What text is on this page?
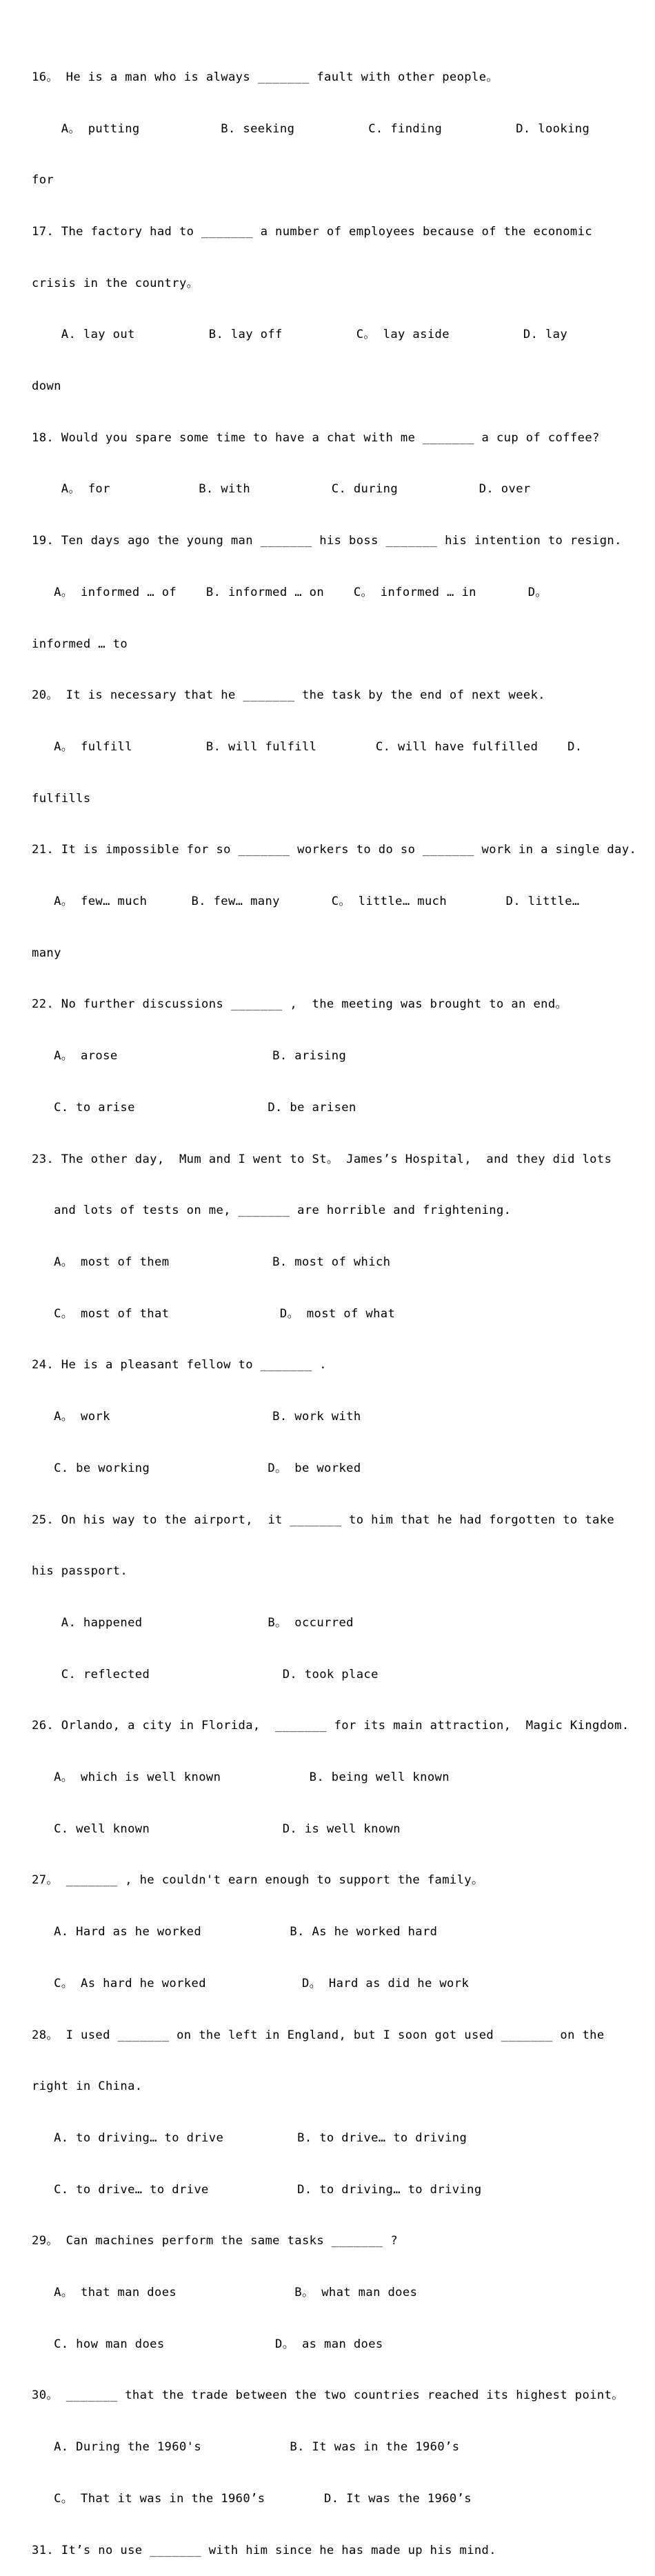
16。 He is a man who is always _______ fault with other people。

A。 putting           B. seeking          C. finding          D. looking

for

17. The factory had to _______ a number of employees because of the economic

crisis in the country。

A. lay out          B. lay off          C。 lay aside          D. lay

down

18. Would you spare some time to have a chat with me _______ a cup of coffee?

A。 for            B. with           C. during           D. over

19. Ten days ago the young man _______ his boss _______ his intention to resign.

A。 informed … of    B. informed … on    C。 informed … in       D。

informed … to

20。 It is necessary that he _______ the task by the end of next week.

A。 fulfill          B. will fulfill        C. will have fulfilled    D.

fulfills

21. It is impossible for so _______ workers to do so _______ work in a single day.

A。 few… much      B. few… many       C。 little… much        D. little…

many

22. No further discussions _______ ,  the meeting was brought to an end。

A。 arose                     B. arising

C. to arise                  D. be arisen

23. The other day,  Mum and I went to St。 James’s Hospital,  and they did lots

and lots of tests on me, _______ are horrible and frightening.

A。 most of them              B. most of which

C。 most of that               D。 most of what

24. He is a pleasant fellow to _______ .

A。 work                      B. work with

C. be working                D。 be worked

25. On his way to the airport,  it _______ to him that he had forgotten to take

his passport.

A. happened                 B。 occurred

C. reflected                  D. took place

26. Orlando, a city in Florida,  _______ for its main attraction,  Magic Kingdom.

A。 which is well known            B. being well known

C. well known                  D. is well known

27。 _______ , he couldn't earn enough to support the family。

A. Hard as he worked            B. As he worked hard

C。 As hard he worked             D。 Hard as did he work

28。 I used _______ on the left in England, but I soon got used _______ on the

right in China.

A. to driving… to drive          B. to drive… to driving

C. to drive… to drive            D. to driving… to driving

29。 Can machines perform the same tasks _______ ?

A。 that man does                B。 what man does

C. how man does               D。 as man does

30。 _______ that the trade between the two countries reached its highest point。

A. During the 1960's            B. It was in the 1960’s

C。 That it was in the 1960’s        D. It was the 1960’s

31. It’s no use _______ with him since he has made up his mind.
